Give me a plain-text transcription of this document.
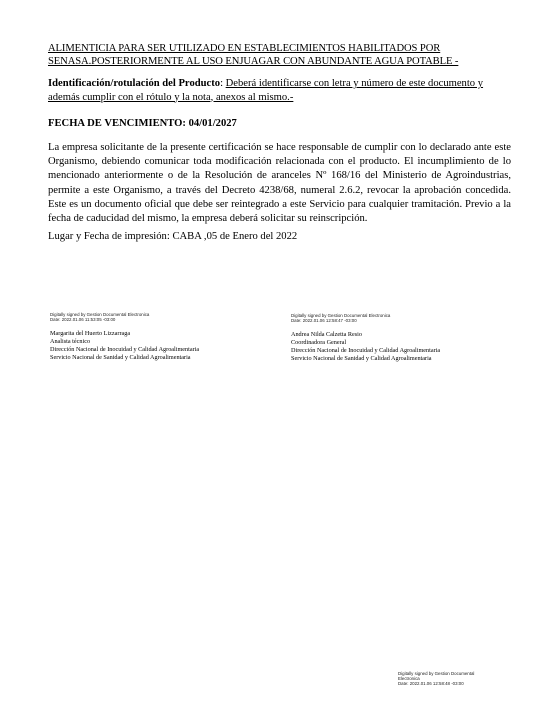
ALIMENTICIA PARA SER UTILIZADO EN ESTABLECIMIENTOS HABILITADOS POR
SENASA.POSTERIORMENTE AL USO ENJUAGAR CON ABUNDANTE AGUA POTABLE -
Identificación/rotulación del Producto: Deberá identificarse con letra y número de este documento y además cumplir con el rótulo y la nota, anexos al mismo.-
FECHA DE VENCIMIENTO: 04/01/2027
La empresa solicitante de la presente certificación se hace responsable de cumplir con lo declarado ante este Organismo, debiendo comunicar toda modificación relacionada con el producto. El incumplimiento de lo mencionado anteriormente o de la Resolución de aranceles Nº 168/16 del Ministerio de Agroindustrias, permite a este Organismo, a través del Decreto 4238/68, numeral 2.6.2, revocar la aprobación concedida. Este es un documento oficial que debe ser reintegrado a este Servicio para cualquier tramitación. Previo a la fecha de caducidad del mismo, la empresa deberá solicitar su reinscripción.
Lugar y Fecha de impresión: CABA ,05 de Enero del 2022
Digitally signed by Gestion Documental Electronica
Date: 2022.01.06 11:53:05 -03:00
Margarita del Huerto Lizzarraga
Analista técnico
Dirección Nacional de Inocuidad y Calidad Agroalimentaria
Servicio Nacional de Sanidad y Calidad Agroalimentaria
Digitally signed by Gestion Documental Electronica
Date: 2022.01.06 12:58:47 -03:00
Andrea Nilda Calzetta Resio
Coordinadora General
Dirección Nacional de Inocuidad y Calidad Agroalimentaria
Servicio Nacional de Sanidad y Calidad Agroalimentaria
Digitally signed by Gestion Documental
Electronica
Date: 2022.01.06 12:58:48 -03:00
